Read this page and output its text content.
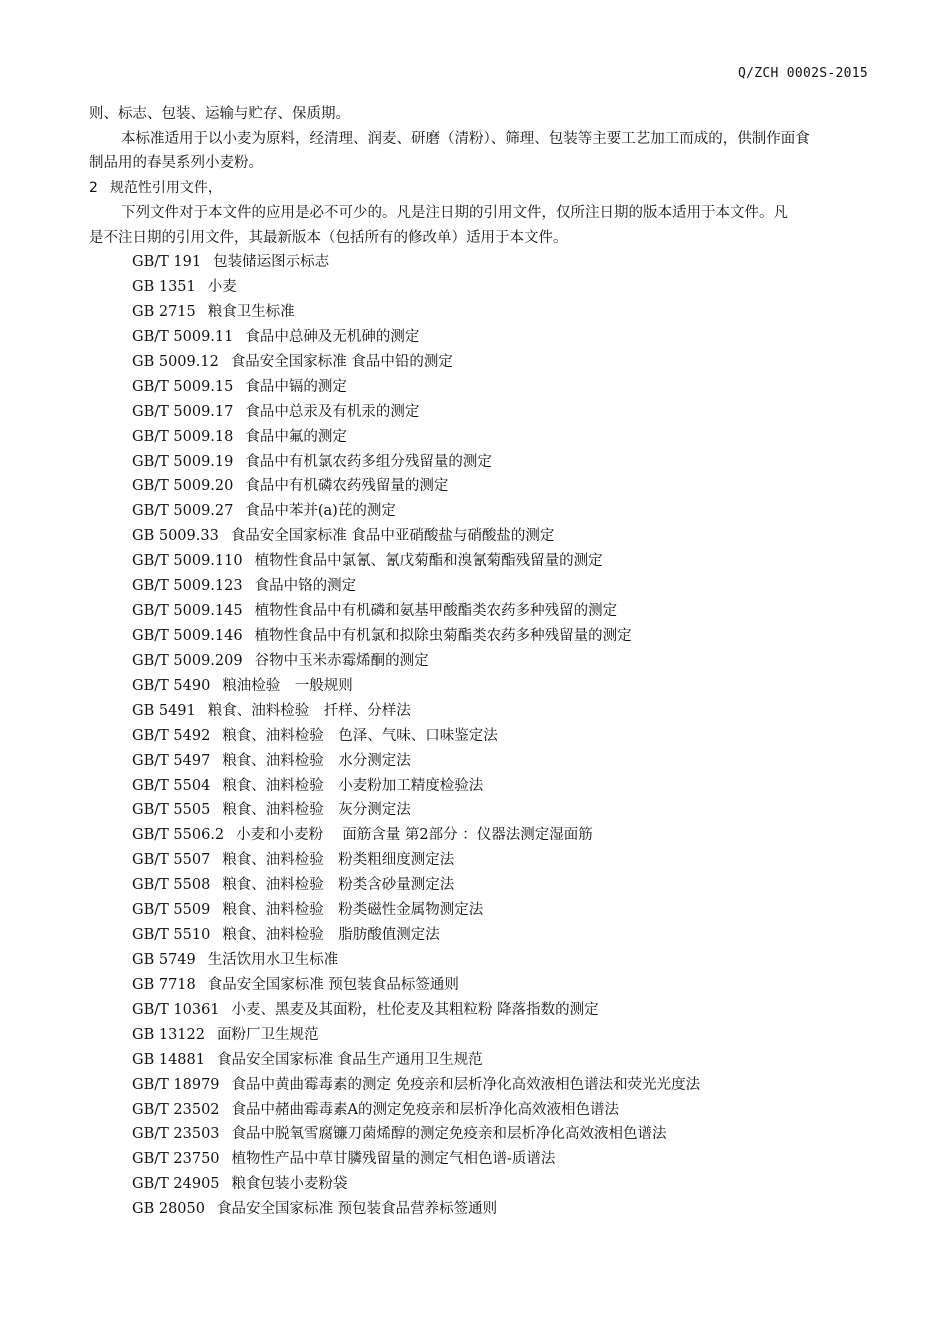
Q/ZCH 0002S-2015
则、标志、包装、运输与贮存、保质期。
本标准适用于以小麦为原料，经清理、润麦、研磨（清粉）、筛理、包装等主要工艺加工而成的，供制作面食
制品用的春昊系列小麦粉。
2 规范性引用文件，
下列文件对于本文件的应用是必不可少的。凡是注日期的引用文件，仅所注日期的版本适用于本文件。凡
是不注日期的引用文件，其最新版本（包括所有的修改单）适用于本文件。
GB/T 191 包装储运图示标志
GB 1351 小麦
GB 2715 粮食卫生标准
GB/T 5009.11 食品中总砷及无机砷的测定
GB 5009.12 食品安全国家标准 食品中铅的测定
GB/T 5009.15 食品中镉的测定
GB/T 5009.17 食品中总汞及有机汞的测定
GB/T 5009.18 食品中氟的测定
GB/T 5009.19 食品中有机氯农药多组分残留量的测定
GB/T 5009.20 食品中有机磷农药残留量的测定
GB/T 5009.27 食品中苯并(a)芘的测定
GB 5009.33 食品安全国家标准 食品中亚硝酸盐与硝酸盐的测定
GB/T 5009.110 植物性食品中氯氰、氰戊菊酯和溴氰菊酯残留量的测定
GB/T 5009.123 食品中铬的测定
GB/T 5009.145 植物性食品中有机磷和氨基甲酸酯类农药多种残留的测定
GB/T 5009.146 植物性食品中有机氯和拟除虫菊酯类农药多种残留量的测定
GB/T 5009.209 谷物中玉米赤霉烯酮的测定
GB/T 5490 粮油检验　一般规则
GB 5491 粮食、油料检验　扦样、分样法
GB/T 5492 粮食、油料检验　色泽、气味、口味鉴定法
GB/T 5497 粮食、油料检验　水分测定法
GB/T 5504 粮食、油料检验　小麦粉加工精度检验法
GB/T 5505 粮食、油料检验　灰分测定法
GB/T 5506.2 小麦和小麦粉　 面筋含量 第2部分 ：仪器法测定湿面筋
GB/T 5507 粮食、油料检验　粉类粗细度测定法
GB/T 5508 粮食、油料检验　粉类含砂量测定法
GB/T 5509 粮食、油料检验　粉类磁性金属物测定法
GB/T 5510 粮食、油料检验　脂肪酸值测定法
GB 5749 生活饮用水卫生标准
GB 7718 食品安全国家标准 预包装食品标签通则
GB/T 10361 小麦、黑麦及其面粉，杜伦麦及其粗粒粉 降落指数的测定
GB 13122 面粉厂卫生规范
GB 14881 食品安全国家标准 食品生产通用卫生规范
GB/T 18979 食品中黄曲霉毒素的测定 免疫亲和层析净化高效液相色谱法和荧光光度法
GB/T 23502 食品中赭曲霉毒素A的测定免疫亲和层析净化高效液相色谱法
GB/T 23503 食品中脱氧雪腐镰刀菌烯醇的测定免疫亲和层析净化高效液相色谱法
GB/T 23750 植物性产品中草甘膦残留量的测定气相色谱-质谱法
GB/T 24905 粮食包装小麦粉袋
GB 28050 食品安全国家标准 预包装食品营养标签通则
